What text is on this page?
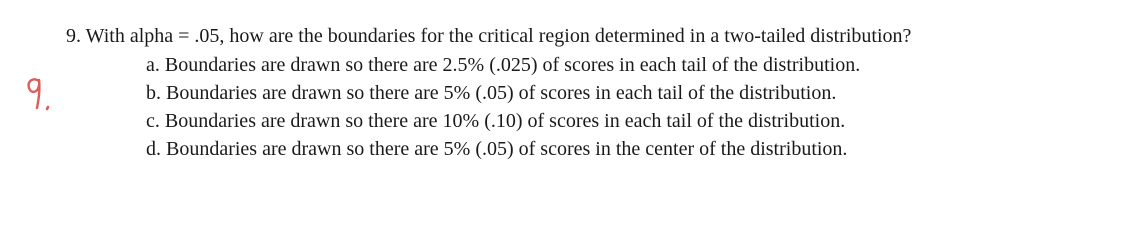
9. With alpha = .05, how are the boundaries for the critical region determined in a two-tailed distribution?
a. Boundaries are drawn so there are 2.5% (.025) of scores in each tail of the distribution.
b. Boundaries are drawn so there are 5% (.05) of scores in each tail of the distribution.
c. Boundaries are drawn so there are 10% (.10) of scores in each tail of the distribution.
d. Boundaries are drawn so there are 5% (.05) of scores in the center of the distribution.
